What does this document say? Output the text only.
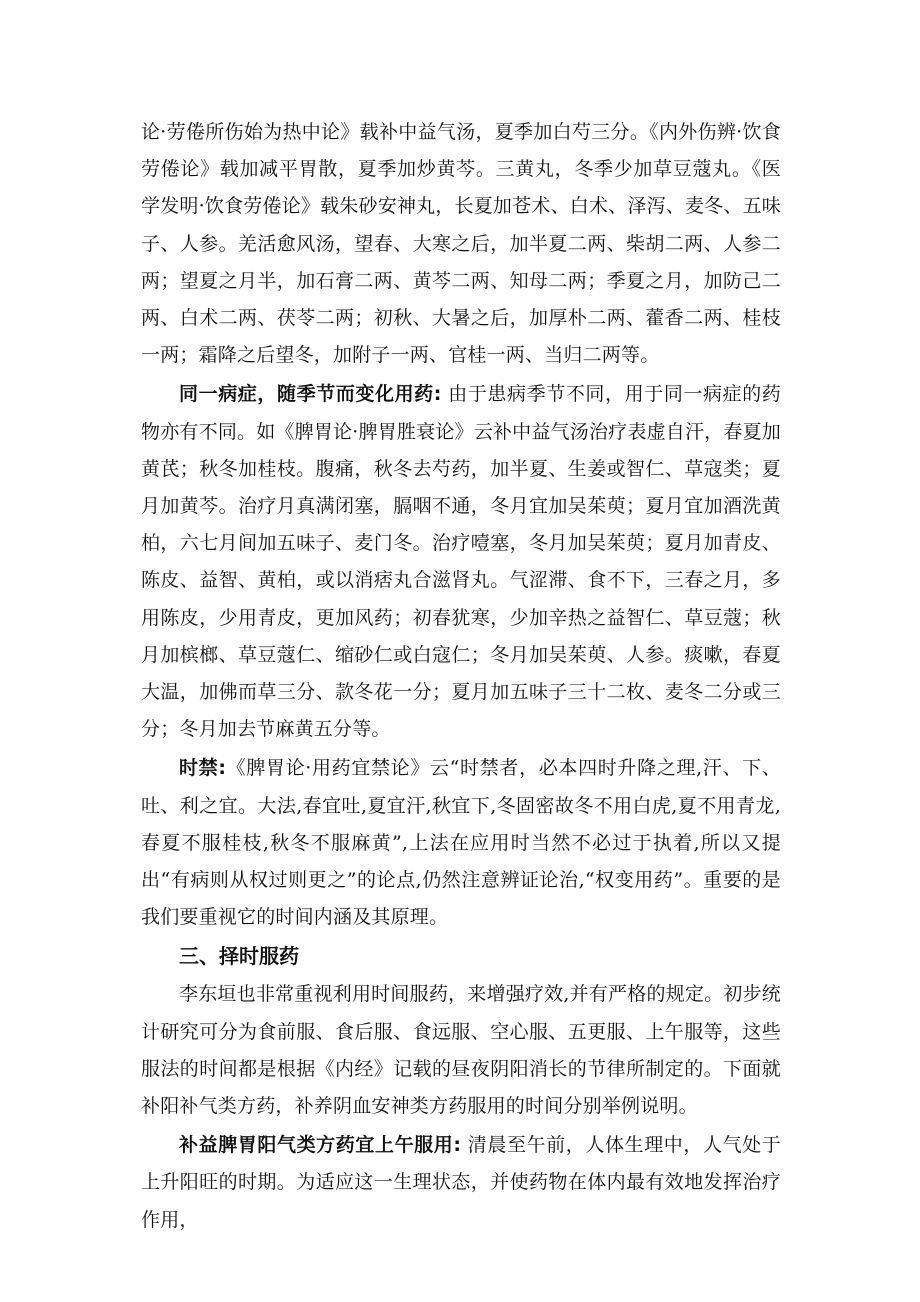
论·劳倦所伤始为热中论》载补中益气汤，夏季加白芍三分。《内外伤辨·饮食劳倦论》载加减平胃散，夏季加炒黄芩。三黄丸，冬季少加草豆蔻丸。《医学发明·饮食劳倦论》载朱砂安神丸，长夏加苍术、白术、泽泻、麦冬、五味子、人参。羌活愈风汤，望春、大寒之后，加半夏二两、柴胡二两、人参二两；望夏之月半，加石膏二两、黄芩二两、知母二两；季夏之月，加防己二两、白术二两、茯苓二两；初秋、大暑之后，加厚朴二两、藿香二两、桂枝一两；霜降之后望冬，加附子一两、官桂一两、当归二两等。

同一病症，随季节而变化用药: 由于患病季节不同，用于同一病症的药物亦有不同。如《脾胃论·脾胃胜衰论》云补中益气汤治疗表虚自汗，春夏加黄芪；秋冬加桂枝。腹痛，秋冬去芍药，加半夏、生姜或智仁、草寇类；夏月加黄芩。治疗月真满闭塞，膈咽不通，冬月宜加吴茱萸；夏月宜加酒洗黄柏，六七月间加五味子、麦门冬。治疗噎塞，冬月加吴茱萸；夏月加青皮、陈皮、益智、黄柏，或以消痞丸合滋肾丸。气涩滞、食不下，三春之月，多用陈皮，少用青皮，更加风药；初春犹寒，少加辛热之益智仁、草豆蔻；秋月加槟榔、草豆蔻仁、缩砂仁或白寇仁；冬月加吴茱萸、人参。痰嗽，春夏大温，加佛而草三分、款冬花一分；夏月加五味子三十二枚、麦冬二分或三分；冬月加去节麻黄五分等。

时禁:《脾胃论·用药宜禁论》云“时禁者，必本四时升降之理,汗、下、吐、利之宜。大法,春宜吐,夏宜汗,秋宜下,冬固密故冬不用白虎,夏不用青龙,春夏不服桂枝,秋冬不服麻黄”,上法在应用时当然不必过于执着,所以又提出“有病则从权过则更之”的论点,仍然注意辨证论治,“权变用药”。重要的是我们要重视它的时间内涵及其原理。

三、择时服药

李东垣也非常重视利用时间服药，来增强疗效,并有严格的规定。初步统计研究可分为食前服、食后服、食远服、空心服、五更服、上午服等，这些服法的时间都是根据《内经》记载的昼夜阴阳消长的节律所制定的。下面就补阳补气类方药，补养阴血安神类方药服用的时间分别举例说明。

补益脾胃阳气类方药宜上午服用: 清晨至午前，人体生理中，人气处于上升阳旺的时期。为适应这一生理状态，并使药物在体内最有效地发挥治疗作用，
